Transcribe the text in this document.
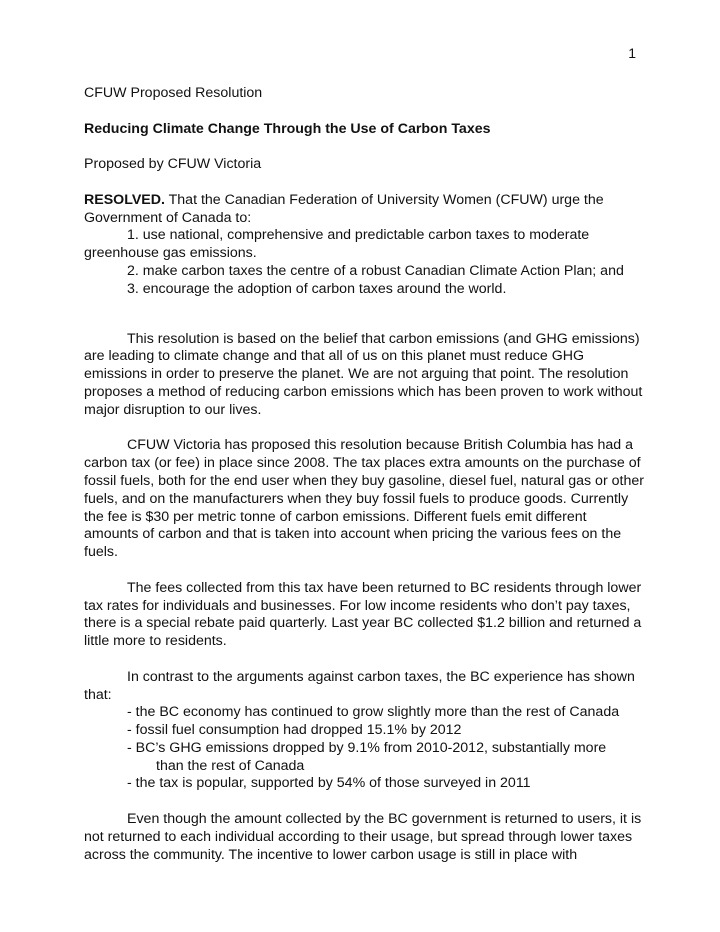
1

CFUW Proposed Resolution

Reducing Climate Change Through the Use of Carbon Taxes

Proposed by CFUW Victoria

RESOLVED. That the Canadian Federation of University Women (CFUW) urge the Government of Canada to:

1. use national, comprehensive and predictable carbon taxes to moderate

greenhouse gas emissions.

2. make carbon taxes the centre of a robust Canadian Climate Action Plan; and

3. encourage the adoption of carbon taxes around the world.

This resolution is based on the belief that carbon emissions (and GHG emissions) are leading to climate change and that all of us on this planet must reduce GHG emissions in order to preserve the planet. We are not arguing that point. The resolution proposes a method of reducing carbon emissions which has been proven to work without major disruption to our lives.

CFUW Victoria has proposed this resolution because British Columbia has had a carbon tax (or fee) in place since 2008. The tax places extra amounts on the purchase of fossil fuels, both for the end user when they buy gasoline, diesel fuel, natural gas or other fuels, and on the manufacturers when they buy fossil fuels to produce goods. Currently the fee is $30 per metric tonne of carbon emissions. Different fuels emit different amounts of carbon and that is taken into account when pricing the various fees on the fuels.

The fees collected from this tax have been returned to BC residents through lower tax rates for individuals and businesses. For low income residents who don’t pay taxes, there is a special rebate paid quarterly. Last year BC collected $1.2 billion and returned a little more to residents.

In contrast to the arguments against carbon taxes, the BC experience has shown that:

- the BC economy has continued to grow slightly more than the rest of Canada

- fossil fuel consumption had dropped 15.1% by 2012

- BC’s GHG emissions dropped by 9.1% from 2010-2012, substantially more

than the rest of Canada

- the tax is popular, supported by 54% of those surveyed in 2011

Even though the amount collected by the BC government is returned to users, it is not returned to each individual according to their usage, but spread through lower taxes across the community. The incentive to lower carbon usage is still in place with
